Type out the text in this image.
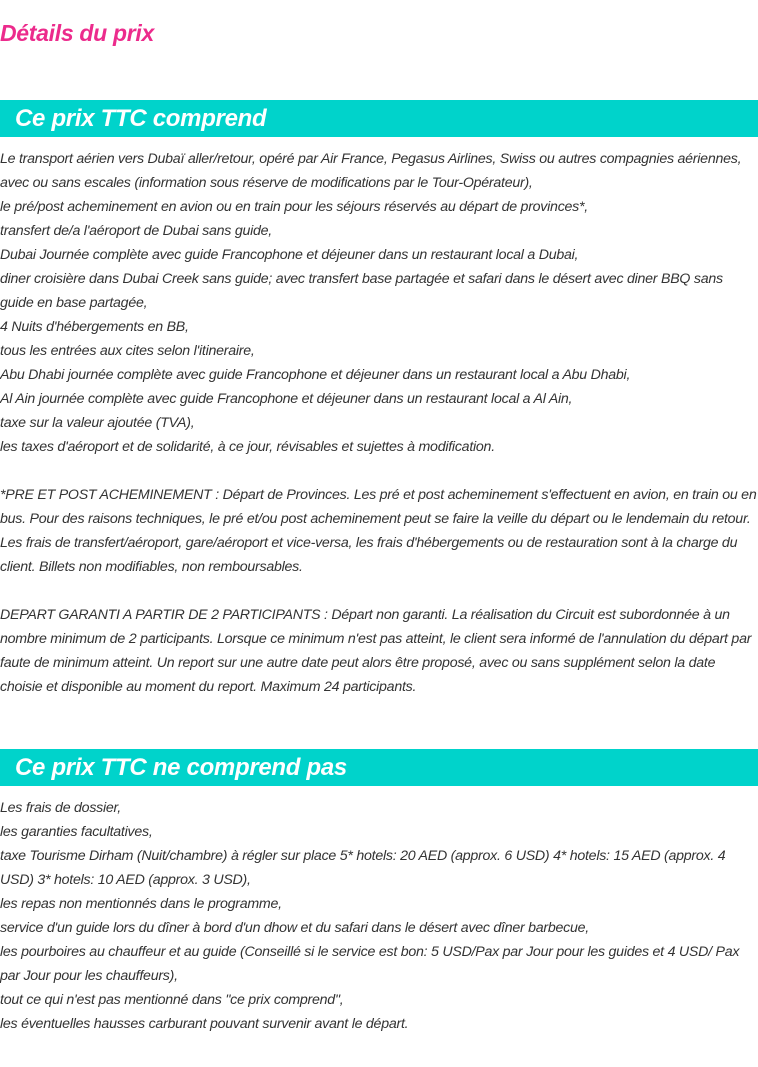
Détails du prix
Ce prix TTC comprend
Le transport aérien vers Dubaï aller/retour, opéré par Air France, Pegasus Airlines, Swiss ou autres compagnies aériennes, avec ou sans escales (information sous réserve de modifications par le Tour-Opérateur),
le pré/post acheminement en avion ou en train pour les séjours réservés au départ de provinces*,
transfert de/a l'aéroport de Dubai sans guide,
Dubai Journée complète avec guide Francophone et déjeuner dans un restaurant local a Dubai,
diner croisière dans Dubai Creek sans guide; avec transfert base partagée et safari dans le désert avec diner BBQ sans guide en base partagée,
4 Nuits d'hébergements en BB,
tous les entrées aux cites selon l'itineraire,
Abu Dhabi journée complète avec guide Francophone et déjeuner dans un restaurant local a Abu Dhabi,
Al Ain journée complète avec guide Francophone et déjeuner dans un restaurant local a Al Ain,
taxe sur la valeur ajoutée (TVA),
les taxes d'aéroport et de solidarité, à ce jour, révisables et sujettes à modification.

*PRE ET POST ACHEMINEMENT : Départ de Provinces. Les pré et post acheminement s'effectuent en avion, en train ou en bus. Pour des raisons techniques, le pré et/ou post acheminement peut se faire la veille du départ ou le lendemain du retour. Les frais de transfert/aéroport, gare/aéroport et vice-versa, les frais d'hébergements ou de restauration sont à la charge du client. Billets non modifiables, non remboursables.

DEPART GARANTI A PARTIR DE 2 PARTICIPANTS : Départ non garanti. La réalisation du Circuit est subordonnée à un nombre minimum de 2 participants. Lorsque ce minimum n'est pas atteint, le client sera informé de l'annulation du départ par faute de minimum atteint. Un report sur une autre date peut alors être proposé, avec ou sans supplément selon la date choisie et disponible au moment du report. Maximum 24 participants.

Ce prix TTC ne comprend pas
Les frais de dossier,
les garanties facultatives,
taxe Tourisme Dirham (Nuit/chambre) à régler sur place 5* hotels: 20 AED (approx. 6 USD) 4* hotels: 15 AED (approx. 4 USD) 3* hotels: 10 AED (approx. 3 USD),
les repas non mentionnés dans le programme,
service d'un guide lors du dîner à bord d'un dhow et du safari dans le désert avec dîner barbecue,
les pourboires au chauffeur et au guide (Conseillé si le service est bon: 5 USD/Pax par Jour pour les guides et 4 USD/ Pax par Jour pour les chauffeurs),
tout ce qui n'est pas mentionné dans "ce prix comprend",
les éventuelles hausses carburant pouvant survenir avant le départ.
